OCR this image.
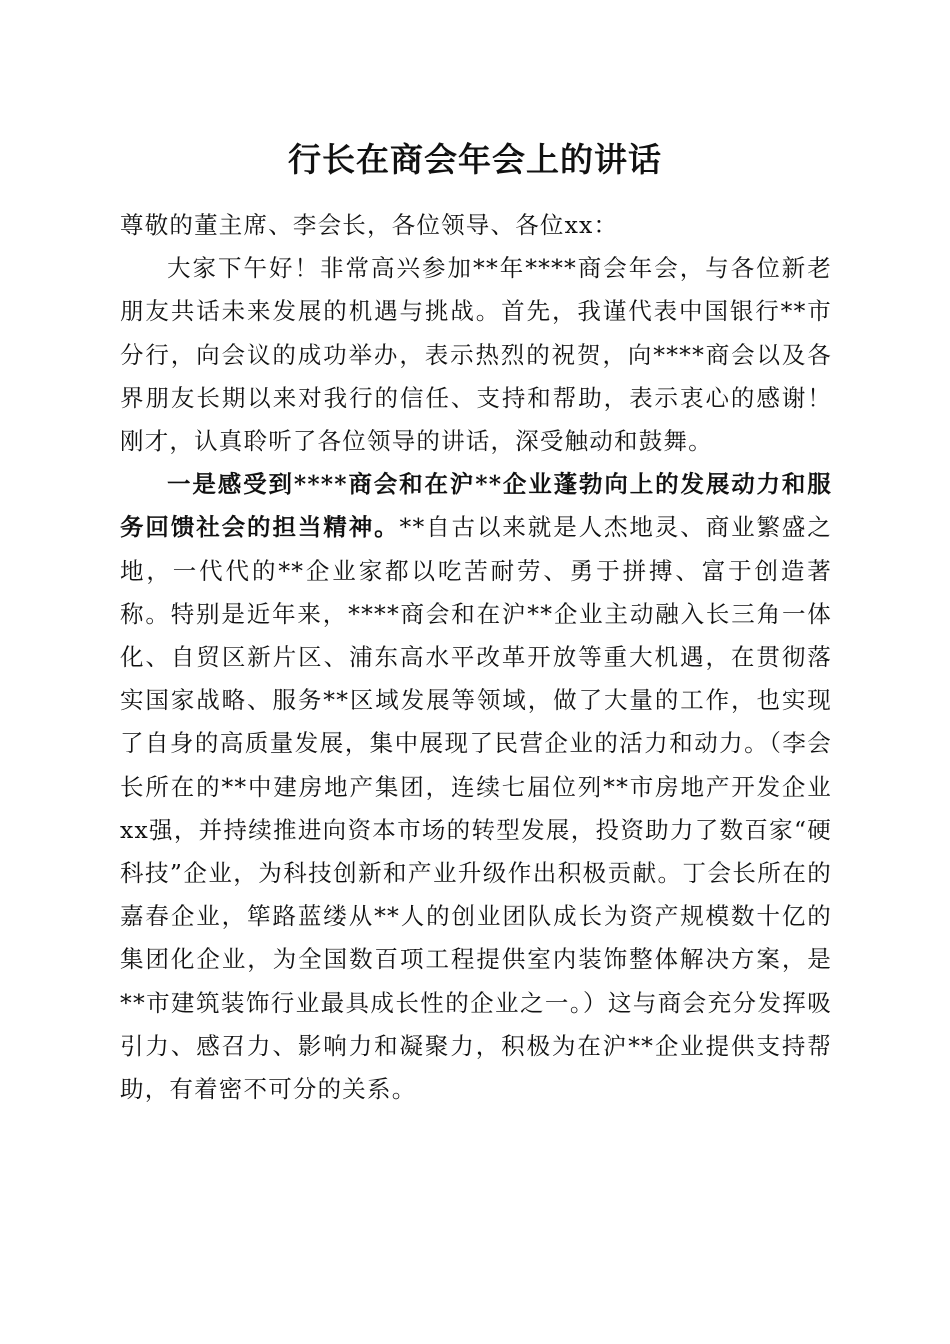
行长在商会年会上的讲话

尊敬的董主席、李会长，各位领导、各位xx：

大家下午好！非常高兴参加**年****商会年会，与各位新老朋友共话未来发展的机遇与挑战。首先，我谨代表中国银行**市分行，向会议的成功举办，表示热烈的祝贺，向****商会以及各界朋友长期以来对我行的信任、支持和帮助，表示衷心的感谢！刚才，认真聆听了各位领导的讲话，深受触动和鼓舞。

一是感受到****商会和在沪**企业蓬勃向上的发展动力和服务回馈社会的担当精神。**自古以来就是人杰地灵、商业繁盛之地，一代代的**企业家都以吃苦耐劳、勇于拼搏、富于创造著称。特别是近年来，****商会和在沪**企业主动融入长三角一体化、自贸区新片区、浦东高水平改革开放等重大机遇，在贯彻落实国家战略、服务**区域发展等领域，做了大量的工作，也实现了自身的高质量发展，集中展现了民营企业的活力和动力。（李会长所在的**中建房地产集团，连续七届位列**市房地产开发企业xx强，并持续推进向资本市场的转型发展，投资助力了数百家“硬科技”企业，为科技创新和产业升级作出积极贡献。丁会长所在的嘉春企业，筚路蓝缕从**人的创业团队成长为资产规模数十亿的集团化企业，为全国数百项工程提供室内装饰整体解决方案，是**市建筑装饰行业最具成长性的企业之一。）这与商会充分发挥吸引力、感召力、影响力和凝聚力，积极为在沪**企业提供支持帮助，有着密不可分的关系。
